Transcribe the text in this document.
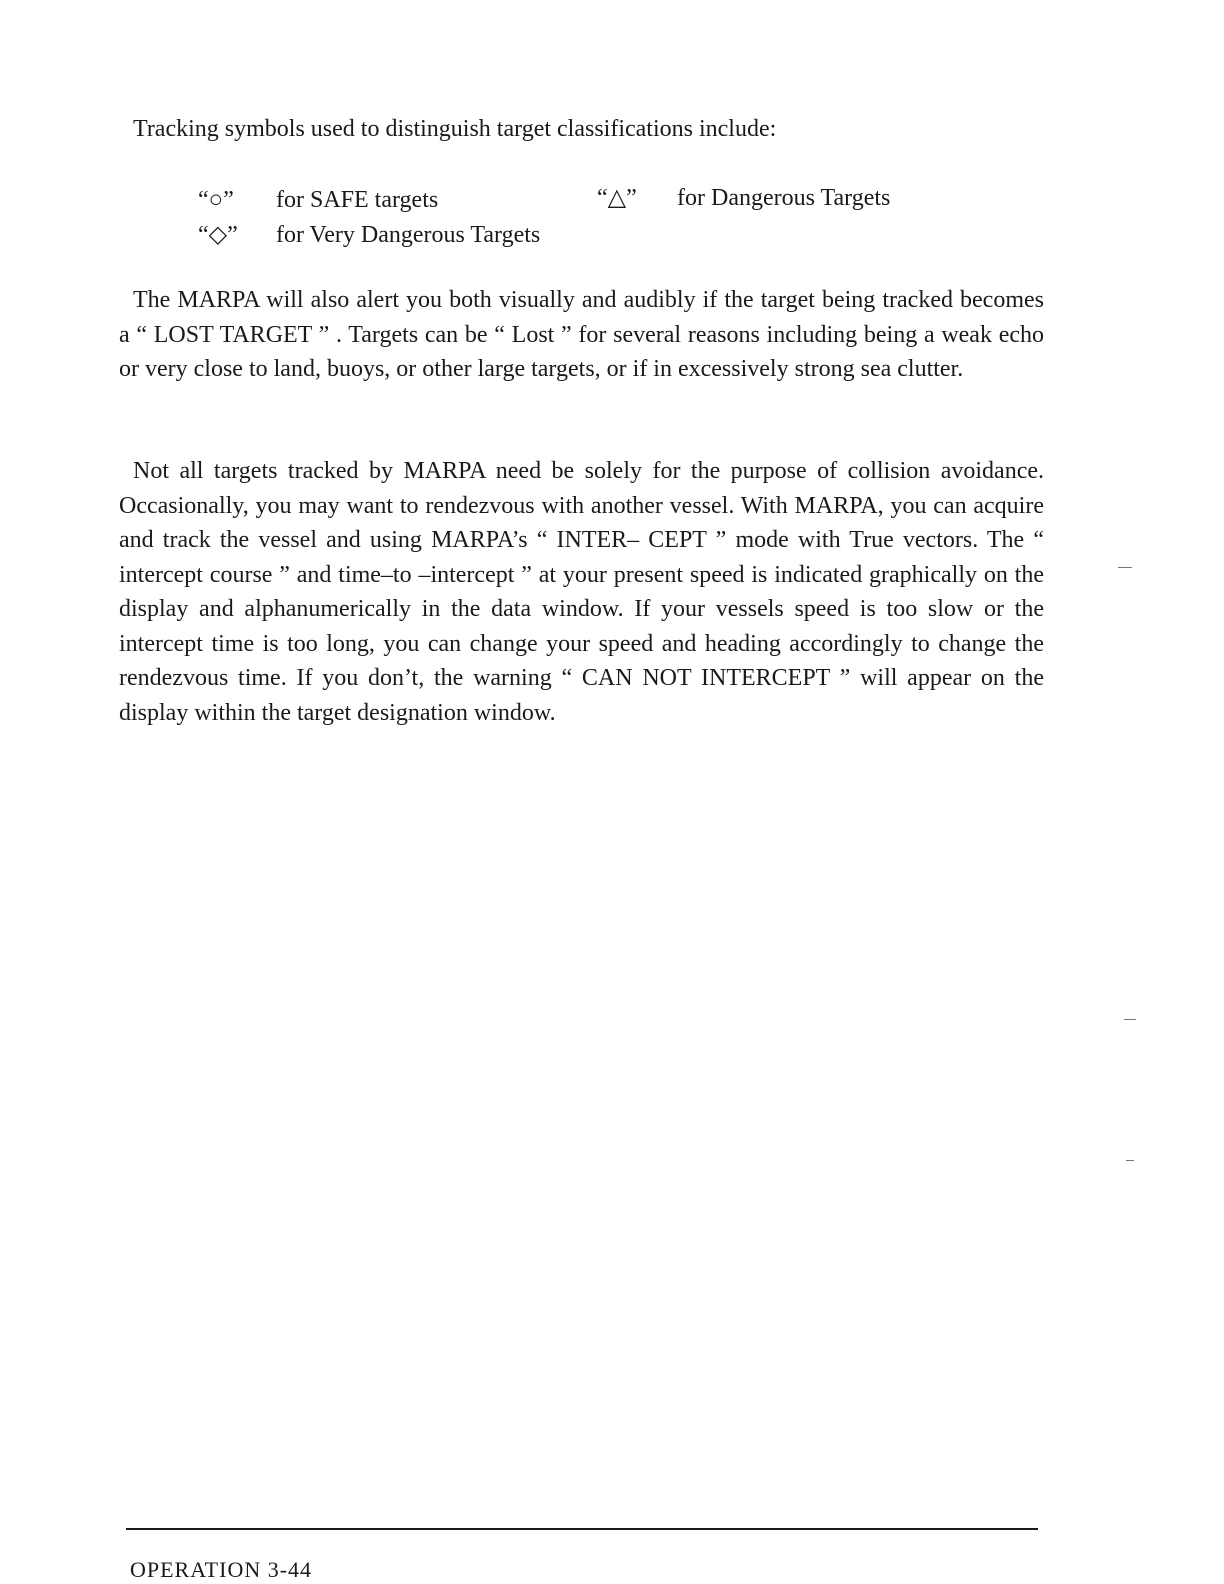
Tracking symbols used to distinguish target classifications include:

“○” for SAFE targets	“△” for Dangerous Targets
“◇” for Very Dangerous Targets

The MARPA will also alert you both visually and audibly if the target being tracked becomes a “ LOST TARGET ” . Targets can be “ Lost ” for several reasons including being a weak echo or very close to land, buoys, or other large targets, or if in excessively strong sea clutter.

Not all targets tracked by MARPA need be solely for the purpose of collision avoidance. Occasionally, you may want to rendezvous with another vessel. With MARPA, you can acquire and track the vessel and using MARPA’s “ INTER– CEPT ” mode with True vectors. The “ intercept course ” and time–to –intercept ” at your present speed is indicated graphically on the display and alphanumerically in the data window. If your vessels speed is too slow or the intercept time is too long, you can change your speed and heading accordingly to change the rendezvous time. If you don’t, the warning “ CAN NOT INTERCEPT ” will appear on the display within the target designation window.

OPERATION 3-44
